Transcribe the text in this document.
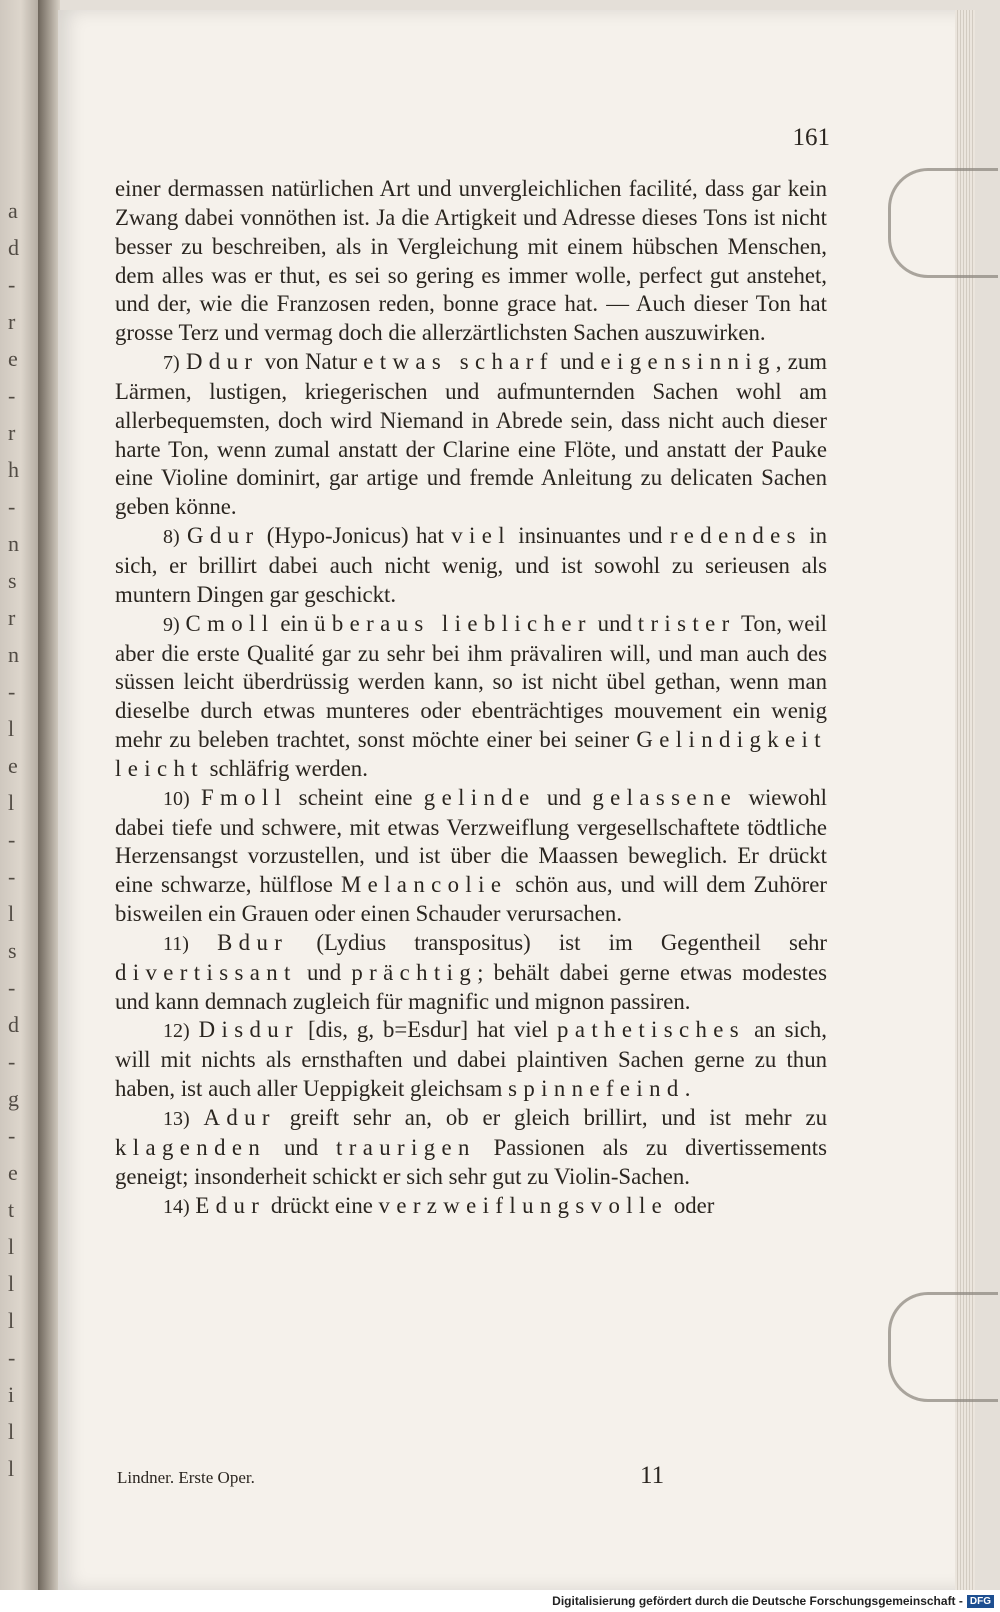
a
d
-
r
e
-
r
h
-
n
s
r
n
-
l
e
l
-
-
l
s
-
d
-
g
-
e
t
l
l
l
-
i
l
l
161

einer dermassen natürlichen Art und unvergleichlichen facilité, dass gar kein Zwang dabei vonnöthen ist. Ja die Artigkeit und Adresse dieses Tons ist nicht besser zu beschreiben, als in Vergleichung mit einem hübschen Menschen, dem alles was er thut, es sei so gering es immer wolle, perfect gut anstehet, und der, wie die Franzosen reden, bonne grace hat. — Auch dieser Ton hat grosse Terz und vermag doch die allerzärtlichsten Sachen auszuwirken.

7) Ddur von Natur etwas scharf und eigensinnig, zum Lärmen, lustigen, kriegerischen und aufmunternden Sachen wohl am allerbequemsten, doch wird Niemand in Abrede sein, dass nicht auch dieser harte Ton, wenn zumal anstatt der Clarine eine Flöte, und anstatt der Pauke eine Violine dominirt, gar artige und fremde Anleitung zu delicaten Sachen geben könne.

8) Gdur (Hypo-Jonicus) hat viel insinuantes und redendes in sich, er brillirt dabei auch nicht wenig, und ist sowohl zu serieusen als muntern Dingen gar geschickt.

9) Cmoll ein überaus lieblicher und trister Ton, weil aber die erste Qualité gar zu sehr bei ihm prävaliren will, und man auch des süssen leicht überdrüssig werden kann, so ist nicht übel gethan, wenn man dieselbe durch etwas munteres oder ebenträchtiges mouvement ein wenig mehr zu beleben trachtet, sonst möchte einer bei seiner Gelindigkeit leicht schläfrig werden.

10) Fmoll scheint eine gelinde und gelassene wiewohl dabei tiefe und schwere, mit etwas Verzweiflung vergesellschaftete tödtliche Herzensangst vorzustellen, und ist über die Maassen beweglich. Er drückt eine schwarze, hülflose Melancolie schön aus, und will dem Zuhörer bisweilen ein Grauen oder einen Schauder verursachen.

11) Bdur (Lydius transpositus) ist im Gegentheil sehr divertissant und prächtig; behält dabei gerne etwas modestes und kann demnach zugleich für magnific und mignon passiren.

12) Disdur [dis, g, b=Esdur] hat viel pathetisches an sich, will mit nichts als ernsthaften und dabei plaintiven Sachen gerne zu thun haben, ist auch aller Ueppigkeit gleichsam spinnefeind.

13) Adur greift sehr an, ob er gleich brillirt, und ist mehr zu klagenden und traurigen Passionen als zu divertissements geneigt; insonderheit schickt er sich sehr gut zu Violin-Sachen.

14) Edur drückt eine verzweiflungsvolle oder

Lindner. Erste Oper.	11
Digitalisierung gefördert durch die Deutsche Forschungsgemeinschaft - DFG
